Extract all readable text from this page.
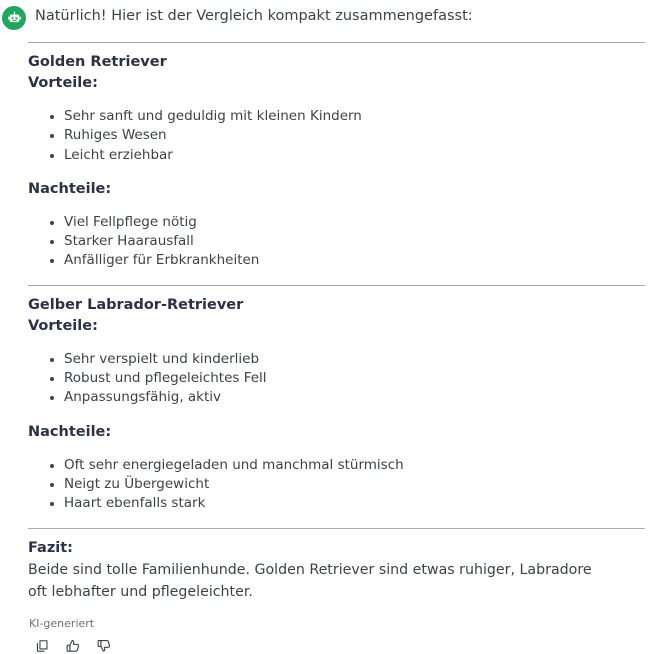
Natürlich! Hier ist der Vergleich kompakt zusammengefasst:
Golden Retriever
Vorteile:
Sehr sanft und geduldig mit kleinen Kindern
Ruhiges Wesen
Leicht erziehbar
Nachteile:
Viel Fellpflege nötig
Starker Haarausfall
Anfälliger für Erbkrankheiten
Gelber Labrador-Retriever
Vorteile:
Sehr verspielt und kinderlieb
Robust und pflegeleichtes Fell
Anpassungsfähig, aktiv
Nachteile:
Oft sehr energiegeladen und manchmal stürmisch
Neigt zu Übergewicht
Haart ebenfalls stark
Fazit:
Beide sind tolle Familienhunde. Golden Retriever sind etwas ruhiger, Labradore oft lebhafter und pflegeleichter.
KI-generiert
